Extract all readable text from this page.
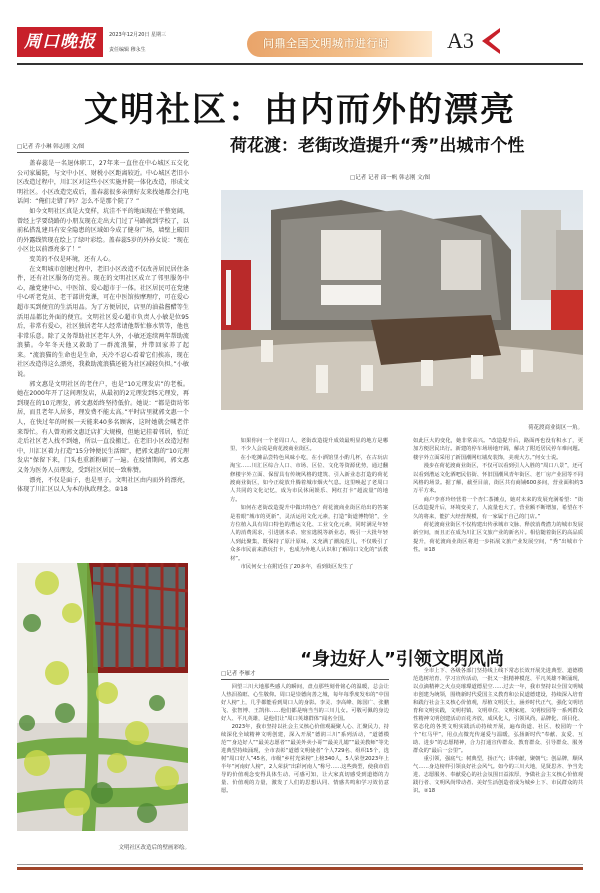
周口晚报	2023年12月20日 星期三
责任编辑 穆永生	问鼎全国文明城市进行时	A3
文明社区：由内而外的漂亮
□记者 乔小琳 韩志刚 文/图

盖春蕊是一名退休职工，27年来一直住在中心城区五交化公司家属院，与文中小区、财税小区距离较近。中心城区老旧小区改造过程中，川汇区对这些小区实施并院一体化改造，形成文明社区。小区改造完成后，盖春蕊很多亲朋好友来找她都会打电话问：“俺们走错了吗？怎么不是那个院了？”

如今文明社区真是大变样，坑洼不平的地面现在平整宽阔，曾经上学要绕路的小朋友现在走出大门过了马路就到学校了，以前私搭乱建具有安全隐患的区域如今成了健身广场，墙壁上破旧的外露线管现在绘上了绿叶彩绘。盖春蕊5岁的外孙女说：“现在小区比以前漂亮多了！”

变美的不仅是环境，还有人心。

在文明城市创建过程中，老旧小区改造不仅改善居民居住条件，还有社区服务的完善。现在的文明社区成立了邻里服务中心，融党建中心、中医馆、爱心超市于一体。社区居民可在党建中心听老党员、老干部讲党课，可在中医馆按摩理疗，可在爱心超市买到便宜的生活用品。为了方便居民，店里的油盐酱醋等生活用品都比外面的便宜。文明社区爱心超市负责人小敏是位95后，非常有爱心，社区独居老年人经常请他帮忙修水管等，他也非常乐意。除了义务帮助社区老年人外，小敏还连续两年帮助流浪猫。今年冬天他又救助了一群流浪猫，并带回家养了起来。“流浪猫的生命也是生命，天冷不忍心看着它们挨冻，现在社区改造得这么漂亮，我救助流浪猫还能为社区减轻负担。”小敏说。

郭文惠是文明社区的老住户，也是“10元理发店”的老板。她在2000年开了这间理发店，从最初的2元理发到5元理发，再到现在的10元理发，郭文惠始终坚持低价。她说：“都是街坊邻居，而且老年人居多，理发费不能太高。”平时店里就郭文惠一个人，在快过年的时候一天能来40多名顾客，这时她就会喊老伴来帮忙。有人曾劝郭文惠迁店扩大规模，但她记挂着邻居，怕迁走后社区老人找不到她，所以一直没搬迁。在老旧小区改造过程中，川汇区着力打造“15分钟便民生活圈”，把郭文惠的“10元理发店”保留下来，门头也重新粉刷了一遍。在疫情期间，郭文惠义务为医务人员理发，受到社区居民一致称赞。

漂亮，不仅是面子，也是里子。文明社区由内而外的漂亮，体现了川汇区以人为本的执政理念。②18

文明社区改造后的壁画彩绘。
荷花渡：老街改造提升“秀”出城市个性
□记者 记者 邱一帆 韩志刚 文/图
荷花渡商业街区一角。

如果你问一个老周口人，老街改造提升成效最明显的地方是哪里，不少人会说是荷花渡商业街区。

在小吃摊品尝特色风味小吃，在小酒馆里小酌几杯，在古玩店淘宝……川汇区综合人口、市场、区位、文化等资源优势，通过翻修楼宇外立面、保留具有传统风格的建筑、引入新业态打造的荷花渡商业街区，如今正绽放升腾着城市烟火气息。这里唤起了老周口人共同的文化记忆，成为市民休闲娱乐、网红打卡“超流量”的地方。

如何在老街改造提升中做出特色？荷花渡商业街区给出的答案是着眼“城市的更新”，灵活运用文化元素，打造“街道博物馆”，全方位植入具有周口特色的漕运文化、工业文化元素，同时满足年轻人的消费需求，引进剧本杀、密室逃脱等新业态，吸引一大批年轻人到此聚集，既保持了原汁原味，又充满了潮流范儿，不仅吸引了众多市民前来游玩打卡，也成为外地人认识和了解周口文化的“活教材”。

市民何女士在附近住了20多年，看到街区发生了

如此巨大的变化，她非常高兴。“改造提升后，路面再也没有积水了，更加方便居民出行。新建的停车场场地开阔，解决了附近居民停车难问题。楼宇外立面采用了新国潮网红墙皮装饰，美观大方。”何女士说。

漫步在荷花渡商业街区，不仅可以看到引人入胜的“周口八景”，还可以看到漕运文化酒吧民俗街、怀旧国潮风青年街区、老厂房产业园等不同风格的场景。据了解，截至目前，街区共有商铺600多间，营业面积约3万平方米。

商户李喜玲经营着一个杏仁茶摊点，她对未来的发展充满希望：“街区改造提升后，环境变美了，人流量也大了，营业额不断增加，希望在不久的将来，能扩大经营规模，有一家属于自己的门店。”

荷花渡商业街区不仅构建出传承城市文脉、释放消费潜力的城市发展新空间，而且正在成为川汇区文旅产业的新名片。相信随着街区的高品质提升，荷花渡商业街区将进一步拓展文旅产业发展空间，“秀”出城市个性。②18

“身边好人”引领文明风尚
□记者 李雁才

回望三川大地那些感人的瞬间，盘点那些刻骨铭心的温暖，总会让人热泪盈眶、心生敬仰。周口是崇德向善之城，每年每季度发布的“中国好人榜”上，几乎都能看到周口人的身影。李灵、李高峰、陈国广、张鹏飞、张智博、王凯伟……他们都是响当当的三川儿女。可敬可佩的身边好人、平凡英雄，是他们让“周口英雄群体”闻名全国。

2023年，我市坚持以社会主义核心价值观凝聚人心、汇聚民力，持续深化全域精神文明创建，深入开展“德润三川”系列活动，“道德模范”“身边好人”“最美志愿者”“最美外卖小哥”“最美儿媳”“最美教师”等先进典型持续涌现，全市表彰“道德文明使者”个人729名、组织15个，选树“周口好人”45名，市级“乡村光荣榜”上榜340人，5人荣登2023年上半年“河南好人榜”，2人荣获“出彩河南人”称号……这些典型，使我市倡导的价值观念变得具体生动、可感可知，让大家真切感受到道德的力量、价值观的力量，激发了人们的思想认同、情感共鸣和学习效仿意愿。

全市上下、各级各部门坚持线上线下常态长效开展先进典型、道德模范选树培育、学习宣传活动，一批又一批精神模范、平凡英雄不断涌现，以点滴精神之火点亮璀璨道德星空……过去一年，我市坚持以全国文明城市创建为统领，围绕新时代爱国主义教育和公民道德建设，持续深入培育和践行社会主义核心价值观，厚植文明沃土，涵养时代正气，强化文明培育和文明实践，文明村镇、文明单位、文明家庭、文明校园等一系列群众性精神文明创建活动百花齐放，成风化人，引领风尚，品牌化、项目化、常态化的各类文明实践活动持续开展，遍布街道、社区、校园的一个个“红马甲”，用点点微光传递爱与温暖，弘扬新时代“奉献、友爱、互助、进步”的志愿精神，合力打通宣传群众、教育群众、引导群众、服务群众的“最后一公里”。

重引领，强底气；树典型，扬正气；讲奉献，聚朝气；创品牌，顺风气……身边榜样引领良好社会风气。如今的三川大地，见贤思齐、争当先进、志愿服务、奉献爱心的社会氛围日益浓厚，争做社会主义核心价值观践行者、文明风尚带动者、美好生活创造者成为城乡上下、市民群众的共识。②18
